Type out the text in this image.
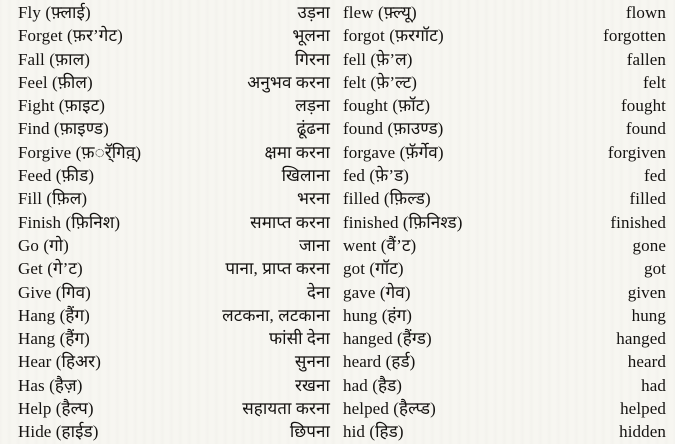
Fly (फ़्लाई)	उड़ना flew (फ़्ल्यू)	flown
Forget (फ़र’गेट)	भूलना forgot (फ़रगॉट)	forgotten
Fall (फ़ाल)	गिरना fell (फ़े’ल)	fallen
Feel (फ़ील)	अनुभव करना felt (फ़े’ल्ट)	felt
Fight (फ़ाइट)	लड़ना fought (फ़ॉट)	fought
Find (फ़ाइण्ड)	ढूंढना found (फ़ाउण्ड)	found
Forgive (फ़र्ॅगिव़्)	क्षमा करना forgave (फ़ॅर्गेव)	forgiven
Feed (फ़ीड)	खिलाना fed (फ़े’ड)	fed
Fill (फ़िल)	भरना filled (फ़िल्ड)	filled
Finish (फ़िनिश)	समाप्त करना finished (फ़िनिश्ड)	finished
Go (गो)	जाना went (वैं’ट)	gone
Get (गे’ट)	पाना, प्राप्त करना got (गॉट)	got
Give (गिव)	देना gave (गेव)	given
Hang (हैंग)	लटकना, लटकाना hung (हंग)	hung
Hang (हैंग)	फांसी देना hanged (हैंग्ड)	hanged
Hear (हिअर)	सुनना heard (हर्ड)	heard
Has (हैज़)	रखना had (हैड)	had
Help (हैल्प)	सहायता करना helped (हैल्प्ड)	helped
Hide (हाईड)	छिपना hid (हिड)	hidden
